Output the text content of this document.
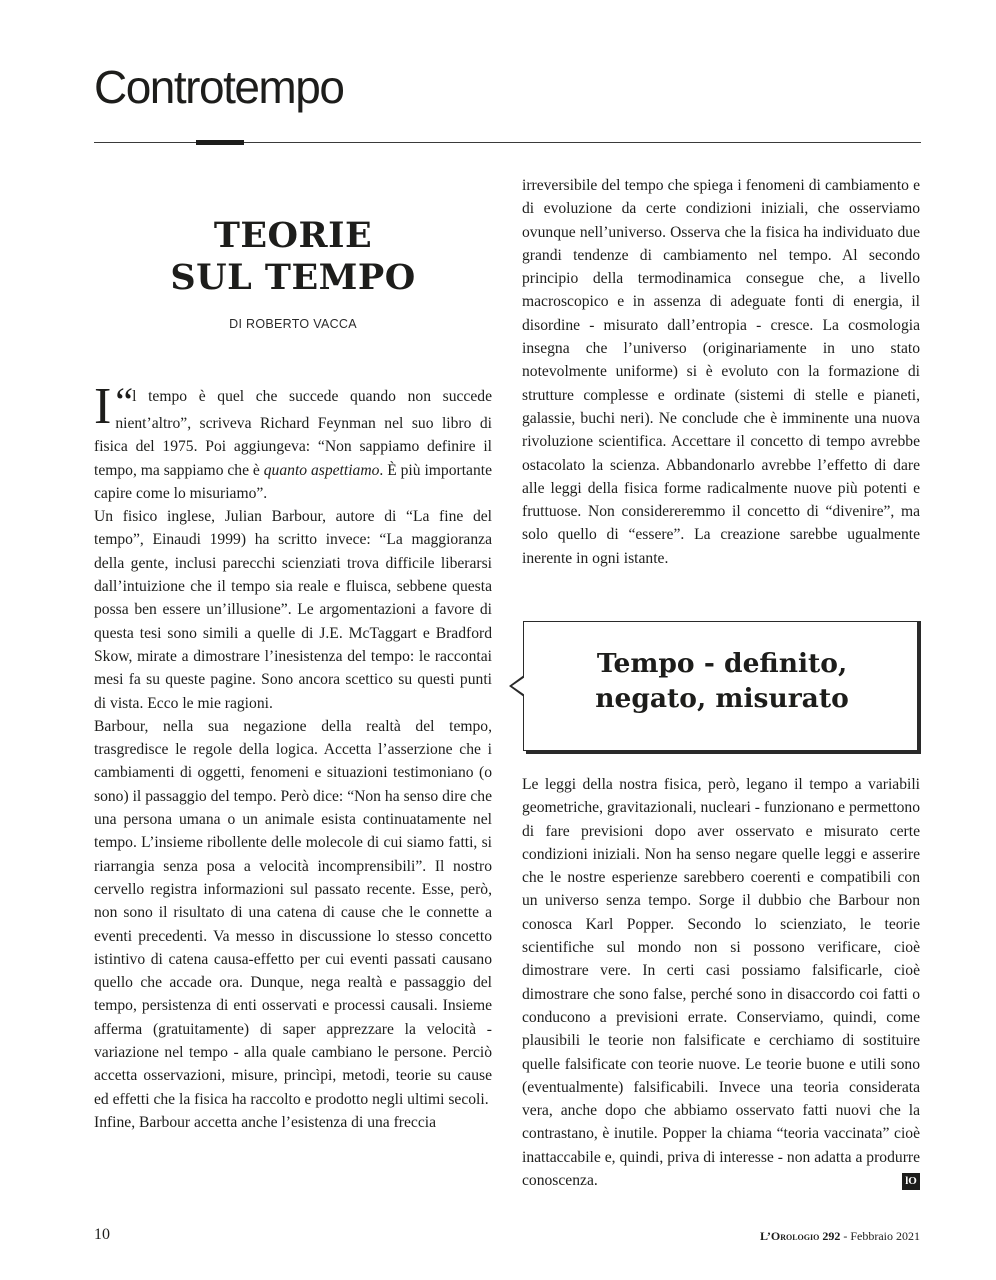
Controtempo
TEORIE
SUL TEMPO
DI ROBERTO VACCA

“
I l tempo è quel che succede quando non succede nient’altro”, scriveva Richard Feynman nel suo libro di fisica del 1975. Poi aggiungeva: “Non sappiamo definire il tempo, ma sappiamo che è quanto aspettiamo. È più importante capire come lo misuriamo”.

Un fisico inglese, Julian Barbour, autore di “La fine del tempo”, Einaudi 1999) ha scritto invece: “La maggioranza della gente, inclusi parecchi scienziati trova difficile liberarsi dall’intuizione che il tempo sia reale e fluisca, sebbene questa possa ben essere un’illusione”. Le argomentazioni a favore di questa tesi sono simili a quelle di J.E. McTaggart e Bradford Skow, mirate a dimostrare l’inesistenza del tempo: le raccontai mesi fa su queste pagine. Sono ancora scettico su questi punti di vista. Ecco le mie ragioni.

Barbour, nella sua negazione della realtà del tempo, trasgredisce le regole della logica. Accetta l’asserzione che i cambiamenti di oggetti, fenomeni e situazioni testimoniano (o sono) il passaggio del tempo. Però dice: “Non ha senso dire che una persona umana o un animale esista continuatamente nel tempo. L’insieme ribollente delle molecole di cui siamo fatti, si riarrangia senza posa a velocità incomprensibili”. Il nostro cervello registra informazioni sul passato recente. Esse, però, non sono il risultato di una catena di cause che le connette a eventi precedenti. Va messo in discussione lo stesso concetto istintivo di catena causa-effetto per cui eventi passati causano quello che accade ora. Dunque, nega realtà e passaggio del tempo, persistenza di enti osservati e processi causali. Insieme afferma (gratuitamente) di saper apprezzare la velocità - variazione nel tempo - alla quale cambiano le persone. Perciò accetta osservazioni, misure, princìpi, metodi, teorie su cause ed effetti che la fisica ha raccolto e prodotto negli ultimi secoli.

Infine, Barbour accetta anche l’esistenza di una freccia

irreversibile del tempo che spiega i fenomeni di cambiamento e di evoluzione da certe condizioni iniziali, che osserviamo ovunque nell’universo. Osserva che la fisica ha individuato due grandi tendenze di cambiamento nel tempo. Al secondo principio della termodinamica consegue che, a livello macroscopico e in assenza di adeguate fonti di energia, il disordine - misurato dall’entropia - cresce. La cosmologia insegna che l’universo (originariamente in uno stato notevolmente uniforme) si è evoluto con la formazione di strutture complesse e ordinate (sistemi di stelle e pianeti, galassie, buchi neri). Ne conclude che è imminente una nuova rivoluzione scientifica. Accettare il concetto di tempo avrebbe ostacolato la scienza. Abbandonarlo avrebbe l’effetto di dare alle leggi della fisica forme radicalmente nuove più potenti e fruttuose. Non considereremmo il concetto di “divenire”, ma solo quello di “essere”. La creazione sarebbe ugualmente inerente in ogni istante.

Tempo - definito,
negato, misurato

Le leggi della nostra fisica, però, legano il tempo a variabili geometriche, gravitazionali, nucleari - funzionano e permettono di fare previsioni dopo aver osservato e misurato certe condizioni iniziali. Non ha senso negare quelle leggi e asserire che le nostre esperienze sarebbero coerenti e compatibili con un universo senza tempo. Sorge il dubbio che Barbour non conosca Karl Popper. Secondo lo scienziato, le teorie scientifiche sul mondo non si possono verificare, cioè dimostrare vere. In certi casi possiamo falsificarle, cioè dimostrare che sono false, perché sono in disaccordo coi fatti o conducono a previsioni errate. Conserviamo, quindi, come plausibili le teorie non falsificate e cerchiamo di sostituire quelle falsificate con teorie nuove. Le teorie buone e utili sono (eventualmente) falsificabili. Invece una teoria considerata vera, anche dopo che abbiamo osservato fatti nuovi che la contrastano, è inutile. Popper la chiama “teoria vaccinata” cioè inattaccabile e, quindi, priva di interesse - non adatta a produrre conoscenza.	lO

10	L’Orologio 292 - Febbraio 2021
